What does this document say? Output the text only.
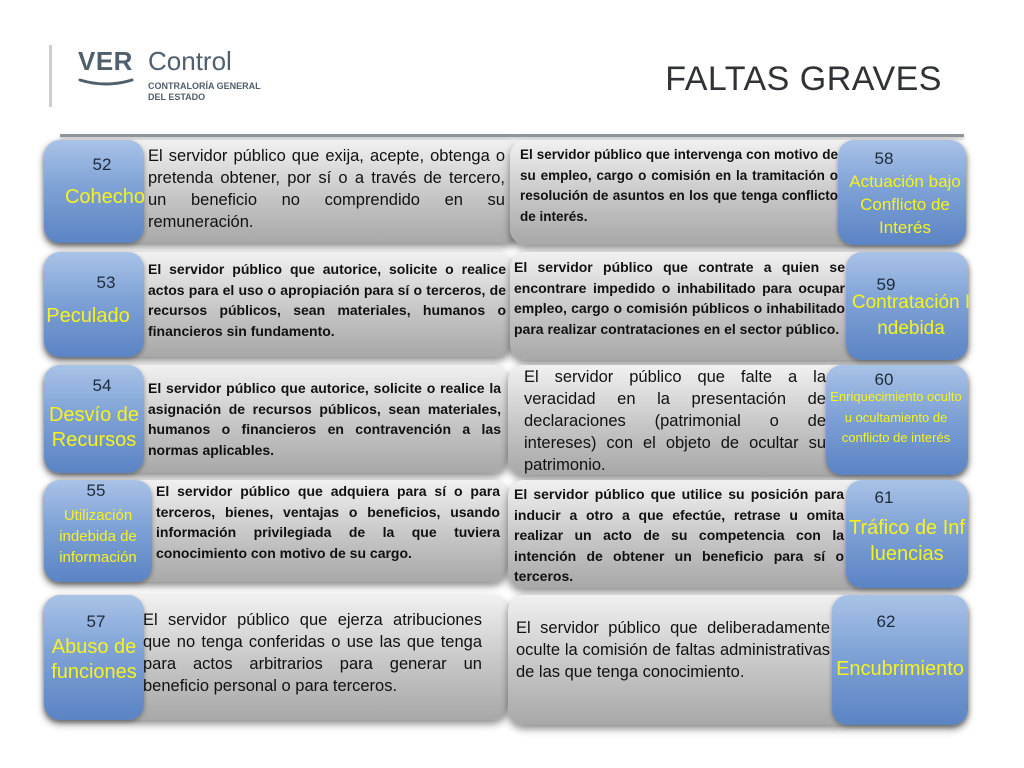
VER Control
CONTRALORÍA GENERAL
DEL ESTADO	FALTAS GRAVES
52
Cohecho
El servidor público que exija, acepte, obtenga o pretenda obtener, por sí o a través de tercero, un beneficio no comprendido en su remuneración.
53
Peculado
El servidor público que autorice, solicite o realice actos para el uso o apropiación para sí o terceros, de recursos públicos, sean materiales, humanos o financieros sin fundamento.
54
Desvío de Recursos
El servidor público que autorice, solicite o realice la asignación de recursos públicos, sean materiales, humanos o financieros en contravención a las normas aplicables.
55
Utilización indebida de información
El servidor público que adquiera para sí o para terceros, bienes, ventajas o beneficios, usando información privilegiada de la que tuviera conocimiento con motivo de su cargo.
57
Abuso de funciones
El servidor público que ejerza atribuciones que no tenga conferidas o use las que tenga para actos arbitrarios para generar un beneficio personal o para terceros.
58
Actuación bajo Conflicto de Interés
El servidor público que intervenga con motivo de su empleo, cargo o comisión en la tramitación o resolución de asuntos en los que tenga conflicto de interés.
59
Contratación Indebida
El servidor público que contrate a quien se encontrare impedido o inhabilitado para ocupar empleo, cargo o comisión públicos o inhabilitado para realizar contrataciones en el sector público.
60
Enriquecimiento oculto u ocultamiento de conflicto de interés
El servidor público que falte a la veracidad en la presentación de declaraciones (patrimonial o de intereses) con el objeto de ocultar su patrimonio.
61
Tráfico de Influencias
El servidor público que utilice su posición para inducir a otro a que efectúe, retrase u omita realizar un acto de su competencia con la intención de obtener un beneficio para sí o terceros.
62
Encubrimiento
El servidor público que deliberadamente oculte la comisión de faltas administrativas de las que tenga conocimiento.
